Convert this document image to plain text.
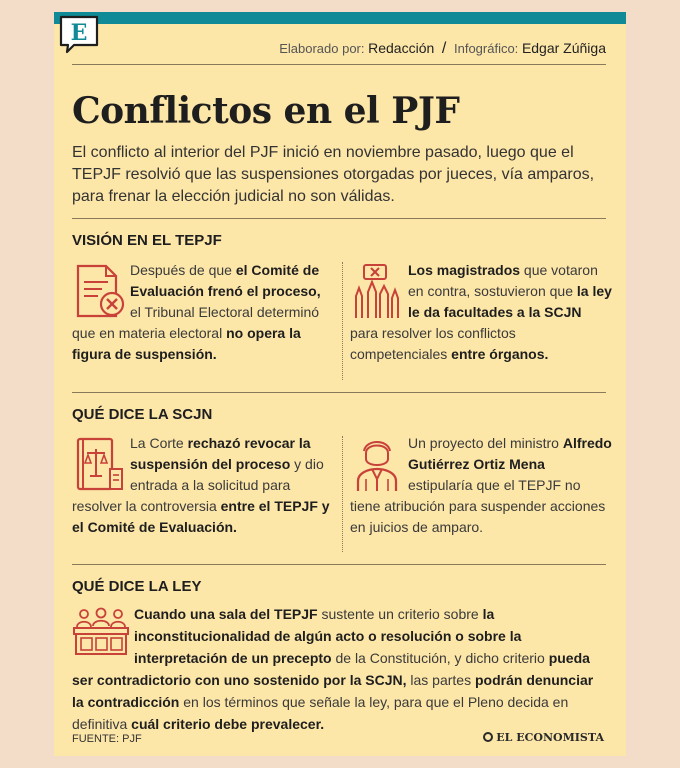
E
Elaborado por: Redacción / Infográfico: Edgar Zúñiga
Conflictos en el PJF
El conflicto al interior del PJF inició en noviembre pasado, luego que el TEPJF resolvió que las suspensiones otorgadas por jueces, vía amparos, para frenar la elección judicial no son válidas.
VISIÓN EN EL TEPJF
Después de que el Comité de Evaluación frenó el proceso, el Tribunal Electoral determinó que en materia electoral no opera la figura de suspensión.
Los magistrados que votaron en contra, sostuvieron que la ley le da facultades a la SCJN para resolver los conflictos competenciales entre órganos.
QUÉ DICE LA SCJN
La Corte rechazó revocar la suspensión del proceso y dio entrada a la solicitud para resolver la controversia entre el TEPJF y el Comité de Evaluación.
Un proyecto del ministro Alfredo Gutiérrez Ortiz Mena estipularía que el TEPJF no tiene atribución para suspender acciones en juicios de amparo.
QUÉ DICE LA LEY
Cuando una sala del TEPJF sustente un criterio sobre la inconstitucionalidad de algún acto o resolución o sobre la interpretación de un precepto de la Constitución, y dicho criterio pueda ser contradictorio con uno sostenido por la SCJN, las partes podrán denunciar la contradicción en los términos que señale la ley, para que el Pleno decida en definitiva cuál criterio debe prevalecer.
FUENTE: PJF	EL ECONOMISTA
